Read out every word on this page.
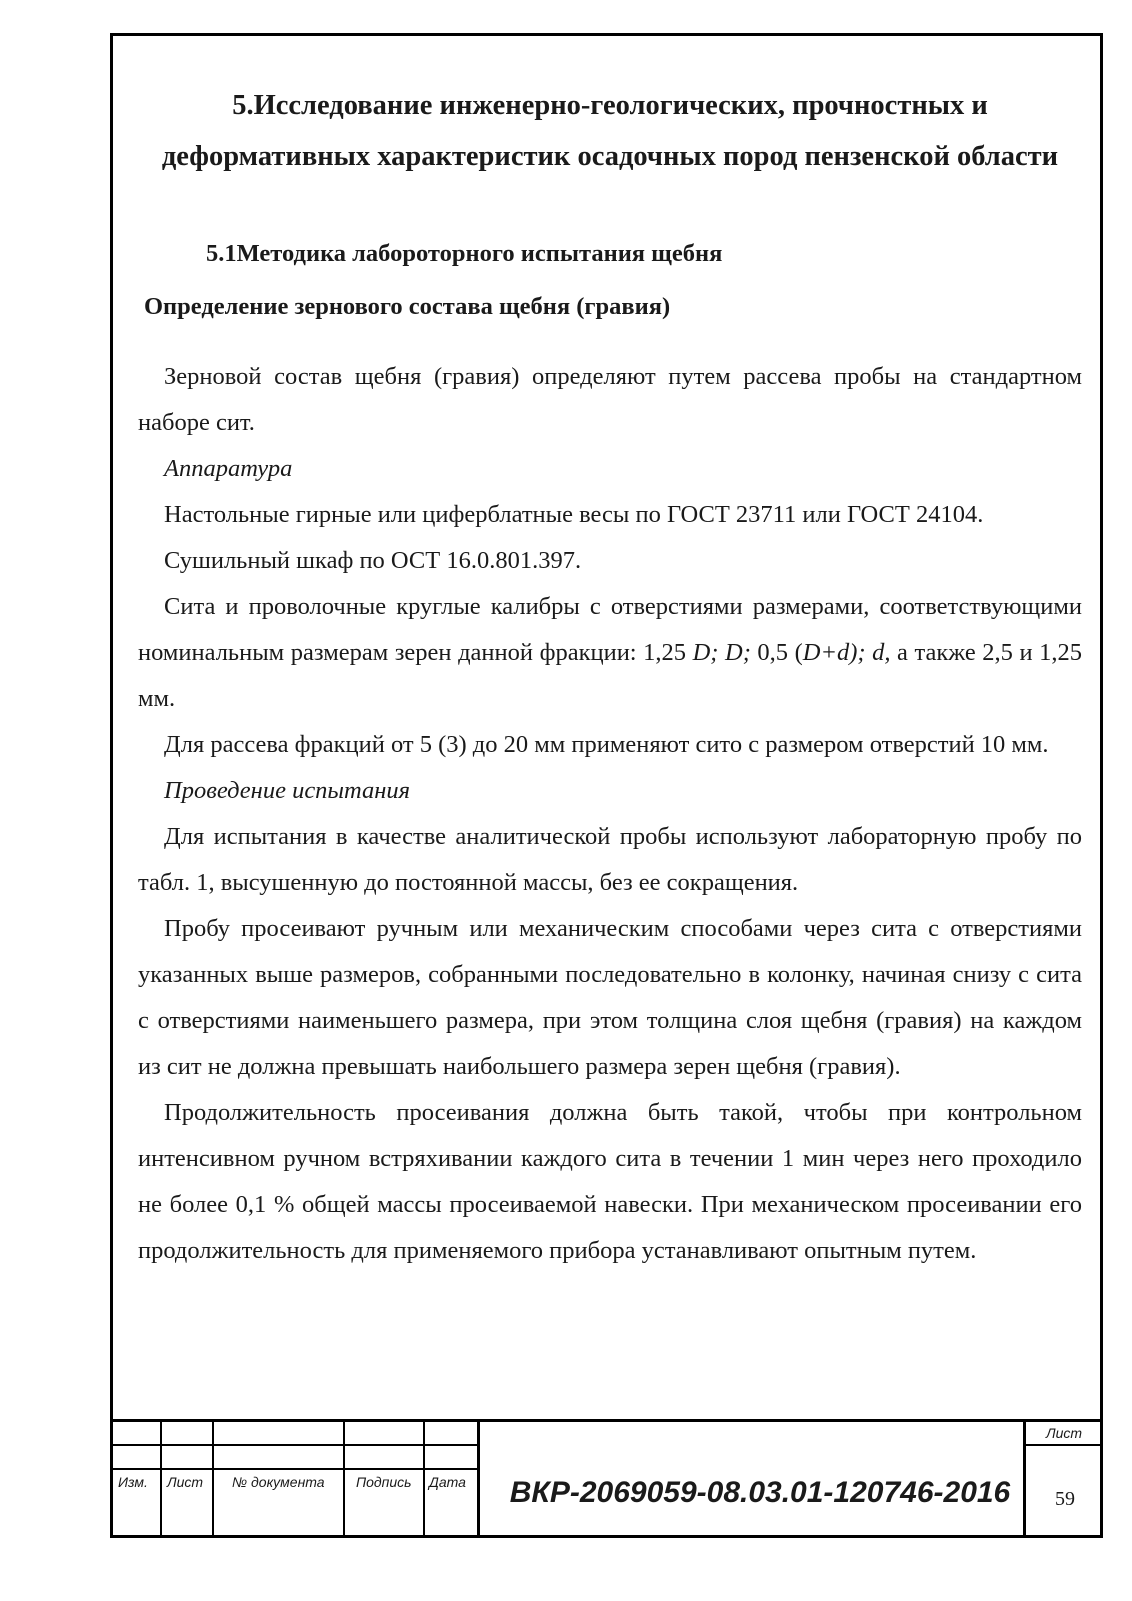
5.Исследование инженерно-геологических, прочностных и деформативных характеристик осадочных пород пензенской области
5.1Методика лабороторного испытания щебня
Определение зернового состава щебня (гравия)

Зерновой состав щебня (гравия) определяют путем рассева пробы на стандартном наборе сит.

Аппаратура

Настольные гирные или циферблатные весы по ГОСТ 23711 или ГОСТ 24104.

Сушильный шкаф по ОСТ 16.0.801.397.

Сита и проволочные круглые калибры с отверстиями размерами, соответствующими номинальным размерам зерен данной фракции: 1,25 D; D; 0,5 (D+d); d, а также 2,5 и 1,25 мм.

Для рассева фракций от 5 (3) до 20 мм применяют сито с размером отверстий 10 мм.

Проведение испытания

Для испытания в качестве аналитической пробы используют лабораторную пробу по табл. 1, высушенную до постоянной массы, без ее сокращения.

Пробу просеивают ручным или механическим способами через сита с отверстиями указанных выше размеров, собранными последовательно в колонку, начиная снизу с сита с отверстиями наименьшего размера, при этом толщина слоя щебня (гравия) на каждом из сит не должна превышать наибольшего размера зерен щебня (гравия).

Продолжительность просеивания должна быть такой, чтобы при контрольном интенсивном ручном встряхивании каждого сита в течении 1 мин через него проходило не более 0,1 % общей массы просеиваемой навески. При механическом просеивании его продолжительность для применяемого прибора устанавливают опытным путем.

Изм. Лист № документа Подпись Дата	ВКР-2069059-08.03.01-120746-2016
Лист
59
